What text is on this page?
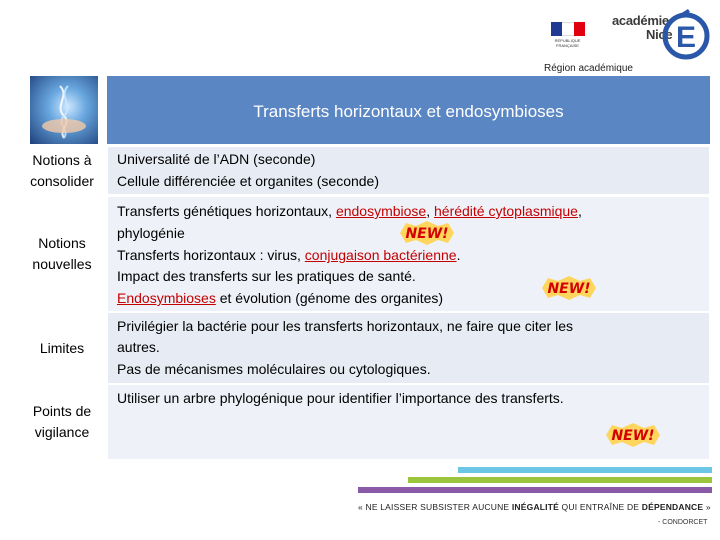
RÉPUBLIQUE FRANÇAISE
académie
Nice E
Région académique
Transferts horizontaux et endosymbioses
Notions à consolider
Universalité de l’ADN (seconde)
Cellule différenciée et organites (seconde)
Notions nouvelles
Transferts génétiques horizontaux, endosymbiose, hérédité cytoplasmique,
phylogénie
Transferts horizontaux : virus, conjugaison bactérienne.
Impact des transferts sur les pratiques de santé.
Endosymbioses et évolution (génome des organites)
Limites
Privilégier la bactérie pour les transferts horizontaux, ne faire que citer les
autres.
Pas de mécanismes moléculaires ou cytologiques.
Points de vigilance
Utiliser un arbre phylogénique pour identifier l’importance des transferts.
NEW!
NEW!
NEW!
« NE LAISSER SUBSISTER AUCUNE INÉGALITÉ QUI ENTRAÎNE DE DÉPENDANCE »
- CONDORCET
